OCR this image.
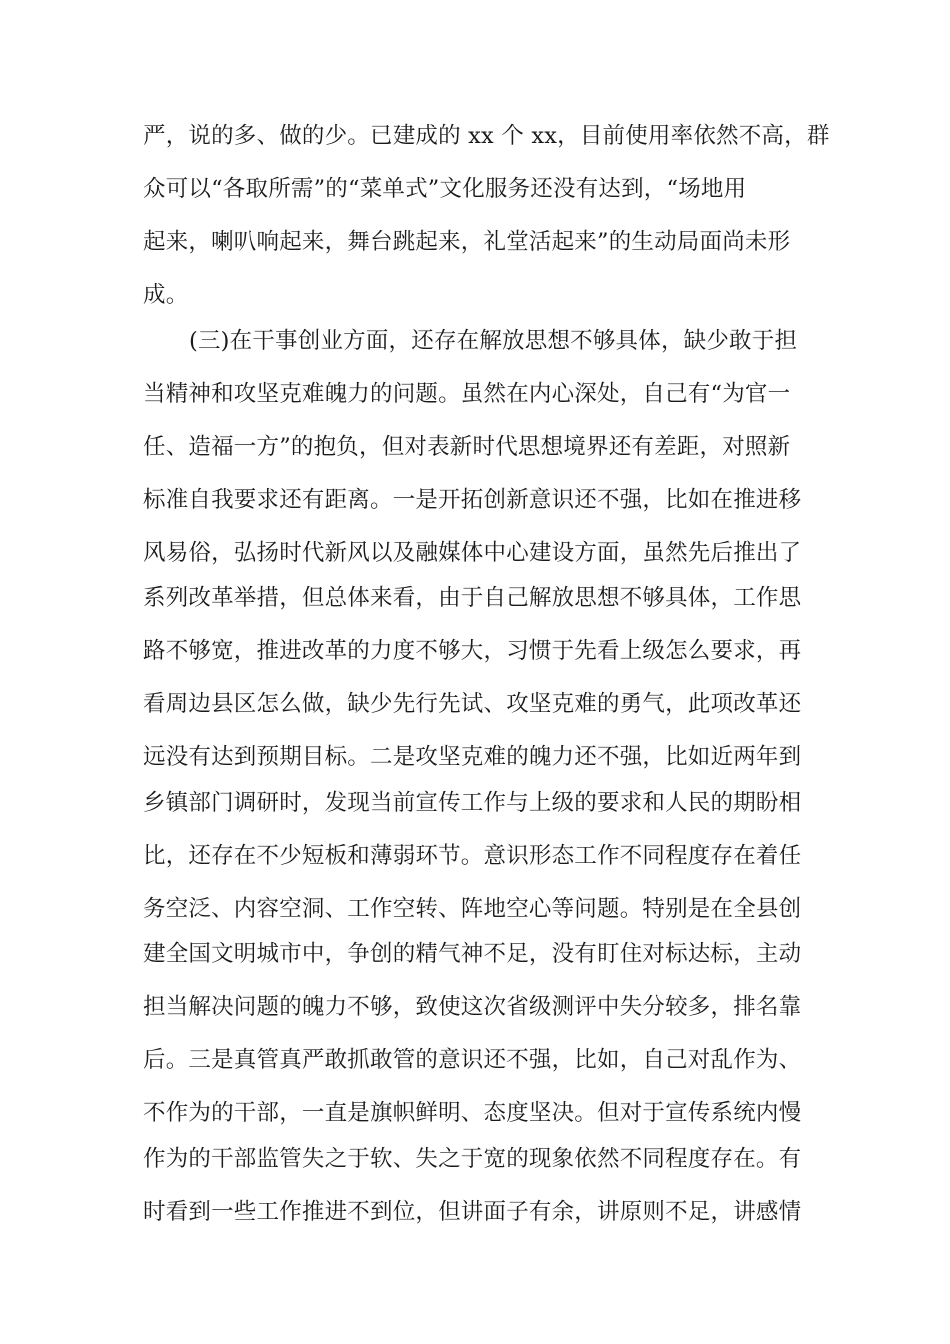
严，说的多、做的少。已建成的 xx 个 xx，目前使用率依然不高，群
众可以“各取所需”的“菜单式”文化服务还没有达到，“场地用
起来，喇叭响起来，舞台跳起来，礼堂活起来”的生动局面尚未形
成。
(三)在干事创业方面，还存在解放思想不够具体，缺少敢于担
当精神和攻坚克难魄力的问题。虽然在内心深处，自己有“为官一
任、造福一方”的抱负，但对表新时代思想境界还有差距，对照新
标准自我要求还有距离。一是开拓创新意识还不强，比如在推进移
风易俗，弘扬时代新风以及融媒体中心建设方面，虽然先后推出了
系列改革举措，但总体来看，由于自己解放思想不够具体，工作思
路不够宽，推进改革的力度不够大，习惯于先看上级怎么要求，再
看周边县区怎么做，缺少先行先试、攻坚克难的勇气，此项改革还
远没有达到预期目标。二是攻坚克难的魄力还不强，比如近两年到
乡镇部门调研时，发现当前宣传工作与上级的要求和人民的期盼相
比，还存在不少短板和薄弱环节。意识形态工作不同程度存在着任
务空泛、内容空洞、工作空转、阵地空心等问题。特别是在全县创
建全国文明城市中，争创的精气神不足，没有盯住对标达标，主动
担当解决问题的魄力不够，致使这次省级测评中失分较多，排名靠
后。三是真管真严敢抓敢管的意识还不强，比如，自己对乱作为、
不作为的干部，一直是旗帜鲜明、态度坚决。但对于宣传系统内慢
作为的干部监管失之于软、失之于宽的现象依然不同程度存在。有
时看到一些工作推进不到位，但讲面子有余，讲原则不足，讲感情
